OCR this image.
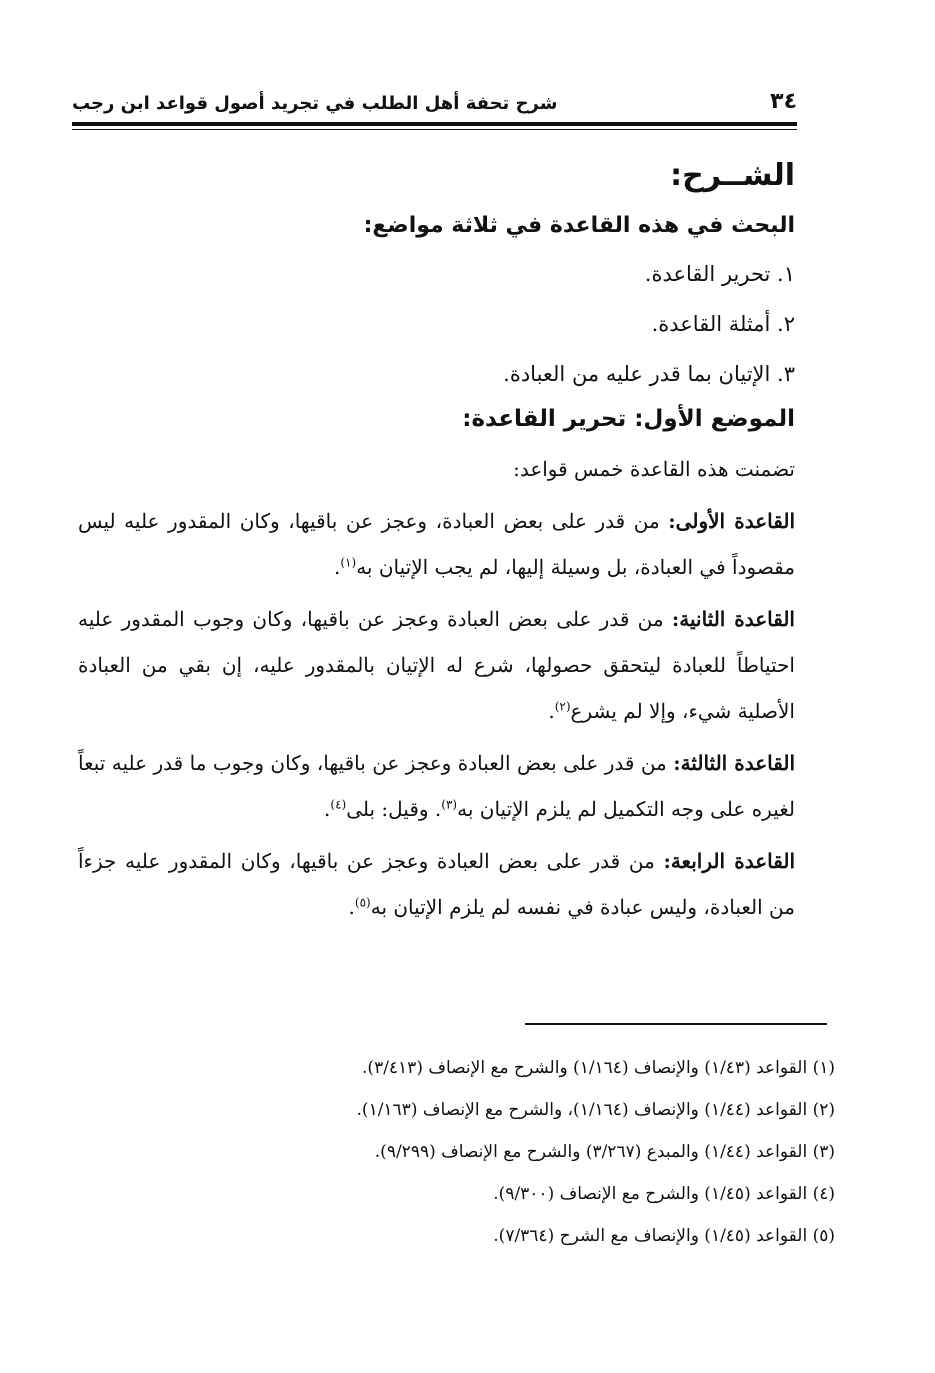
٣٤
شرح تحفة أهل الطلب في تجريد أصول قواعد ابن رجب
الشــرح:
البحث في هذه القاعدة في ثلاثة مواضع:
١. تحرير القاعدة.
٢. أمثلة القاعدة.
٣. الإتيان بما قدر عليه من العبادة.
الموضع الأول: تحرير القاعدة:
تضمنت هذه القاعدة خمس قواعد:

القاعدة الأولى: من قدر على بعض العبادة، وعجز عن باقيها، وكان المقدور عليه ليس مقصوداً في العبادة، بل وسيلة إليها، لم يجب الإتيان به$^{(١)}$.

القاعدة الثانية: من قدر على بعض العبادة وعجز عن باقيها، وكان وجوب المقدور عليه احتياطاً للعبادة ليتحقق حصولها، شرع له الإتيان بالمقدور عليه، إن بقي من العبادة الأصلية شيء، وإلا لم يشرع$^{(٢)}$.

القاعدة الثالثة: من قدر على بعض العبادة وعجز عن باقيها، وكان وجوب ما قدر عليه تبعاً لغيره على وجه التكميل لم يلزم الإتيان به$^{(٣)}$. وقيل: بلى$^{(٤)}$.

القاعدة الرابعة: من قدر على بعض العبادة وعجز عن باقيها، وكان المقدور عليه جزءاً من العبادة، وليس عبادة في نفسه لم يلزم الإتيان به$^{(٥)}$.

(١) القواعد (١/٤٣) والإنصاف (١/١٦٤) والشرح مع الإنصاف (٣/٤١٣).
(٢) القواعد (١/٤٤) والإنصاف (١/١٦٤)، والشرح مع الإنصاف (١/١٦٣).
(٣) القواعد (١/٤٤) والمبدع (٣/٢٦٧) والشرح مع الإنصاف (٩/٢٩٩).
(٤) القواعد (١/٤٥) والشرح مع الإنصاف (٩/٣٠٠).
(٥) القواعد (١/٤٥) والإنصاف مع الشرح (٧/٣٦٤).
